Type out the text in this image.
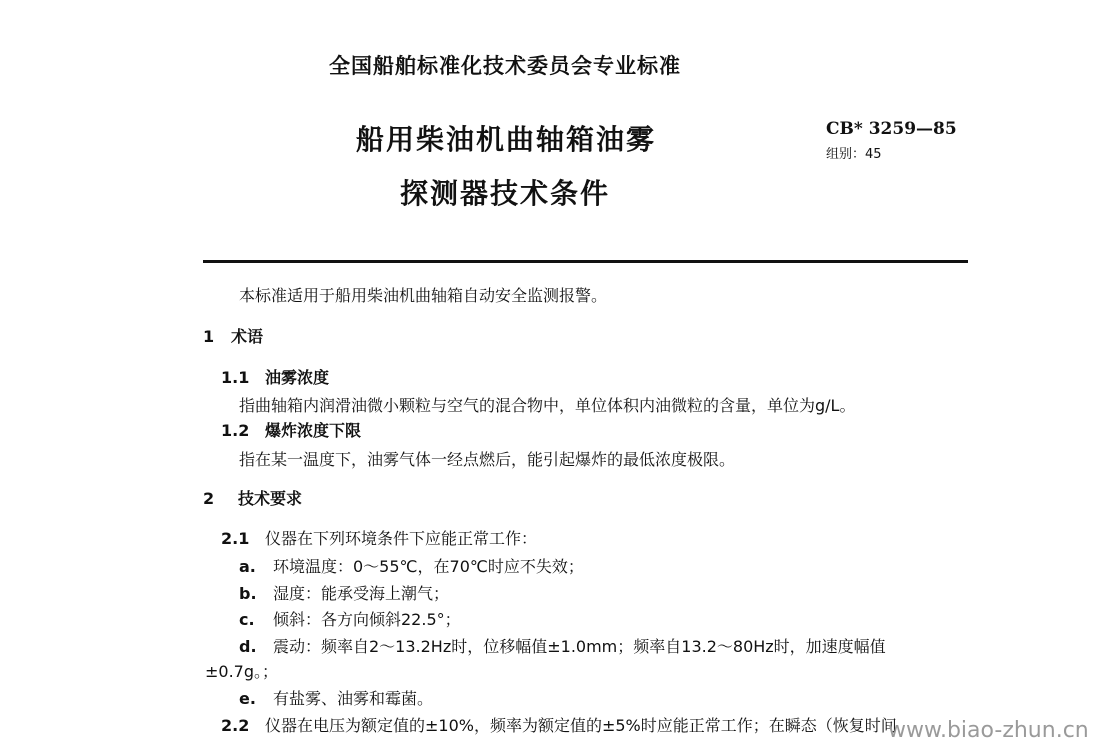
全国船舶标准化技术委员会专业标准
船用柴油机曲轴箱油雾
探测器技术条件
CB* 3259—85
组别：45
本标准适用于船用柴油机曲轴箱自动安全监测报警。
1 术语
1.1 油雾浓度
指曲轴箱内润滑油微小颗粒与空气的混合物中，单位体积内油微粒的含量，单位为g/L。
1.2 爆炸浓度下限
指在某一温度下，油雾气体一经点燃后，能引起爆炸的最低浓度极限。
2 技术要求
2.1 仪器在下列环境条件下应能正常工作：
a. 环境温度：0～55℃，在70℃时应不失效；
b. 湿度：能承受海上潮气；
c. 倾斜：各方向倾斜22.5°；
d. 震动：频率自2～13.2Hz时，位移幅值±1.0mm；频率自13.2～80Hz时，加速度幅值
±0.7g。；
e. 有盐雾、油雾和霉菌。
2.2 仪器在电压为额定值的±10%，频率为额定值的±5%时应能正常工作；在瞬态（恢复时间
www.biao-zhun.cn
